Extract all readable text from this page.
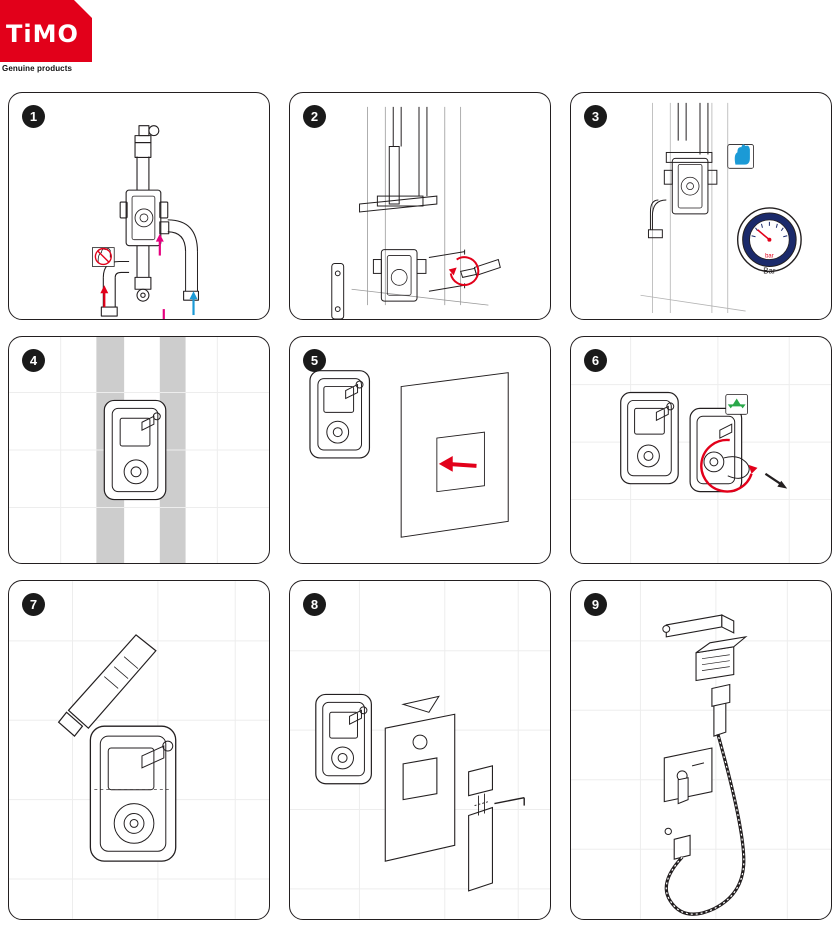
TiMO
Genuine products
1	2	3
bar
Bar
4	5	6
7	8	9
